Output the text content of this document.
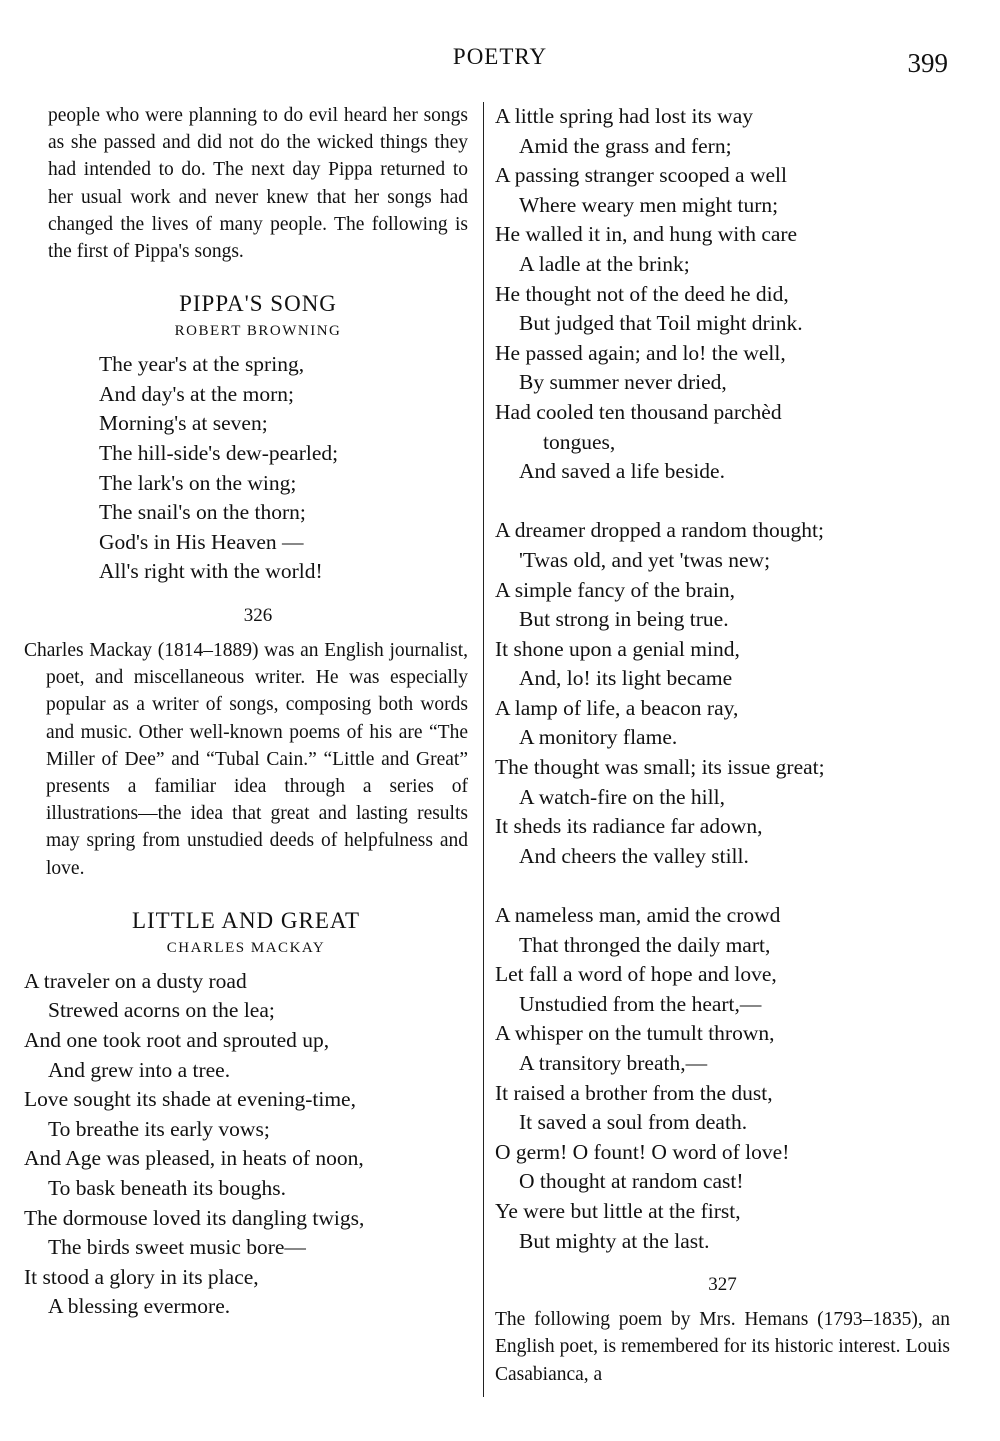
POETRY	399
people who were planning to do evil heard her songs as she passed and did not do the wicked things they had intended to do. The next day Pippa returned to her usual work and never knew that her songs had changed the lives of many people. The following is the first of Pippa's songs.
PIPPA'S SONG
ROBERT BROWNING
The year's at the spring,
And day's at the morn;
Morning's at seven;
The hill-side's dew-pearled;
The lark's on the wing;
The snail's on the thorn;
God's in His Heaven —
All's right with the world!
326
Charles Mackay (1814–1889) was an English journalist, poet, and miscellaneous writer. He was especially popular as a writer of songs, composing both words and music. Other well-known poems of his are “The Miller of Dee” and “Tubal Cain.” “Little and Great” presents a familiar idea through a series of illustrations—the idea that great and lasting results may spring from unstudied deeds of helpfulness and love.
LITTLE AND GREAT
CHARLES MACKAY
A traveler on a dusty road
Strewed acorns on the lea;
And one took root and sprouted up,
And grew into a tree.
Love sought its shade at evening-time,
To breathe its early vows;
And Age was pleased, in heats of noon,
To bask beneath its boughs.
The dormouse loved its dangling twigs,
The birds sweet music bore—
It stood a glory in its place,
A blessing evermore.
A little spring had lost its way
Amid the grass and fern;
A passing stranger scooped a well
Where weary men might turn;
He walled it in, and hung with care
A ladle at the brink;
He thought not of the deed he did,
But judged that Toil might drink.
He passed again; and lo! the well,
By summer never dried,
Had cooled ten thousand parchèd
tongues,
And saved a life beside.
A dreamer dropped a random thought;
'Twas old, and yet 'twas new;
A simple fancy of the brain,
But strong in being true.
It shone upon a genial mind,
And, lo! its light became
A lamp of life, a beacon ray,
A monitory flame.
The thought was small; its issue great;
A watch-fire on the hill,
It sheds its radiance far adown,
And cheers the valley still.
A nameless man, amid the crowd
That thronged the daily mart,
Let fall a word of hope and love,
Unstudied from the heart,—
A whisper on the tumult thrown,
A transitory breath,—
It raised a brother from the dust,
It saved a soul from death.
O germ! O fount! O word of love!
O thought at random cast!
Ye were but little at the first,
But mighty at the last.
327
The following poem by Mrs. Hemans (1793–1835), an English poet, is remembered for its historic interest. Louis Casabianca, a
